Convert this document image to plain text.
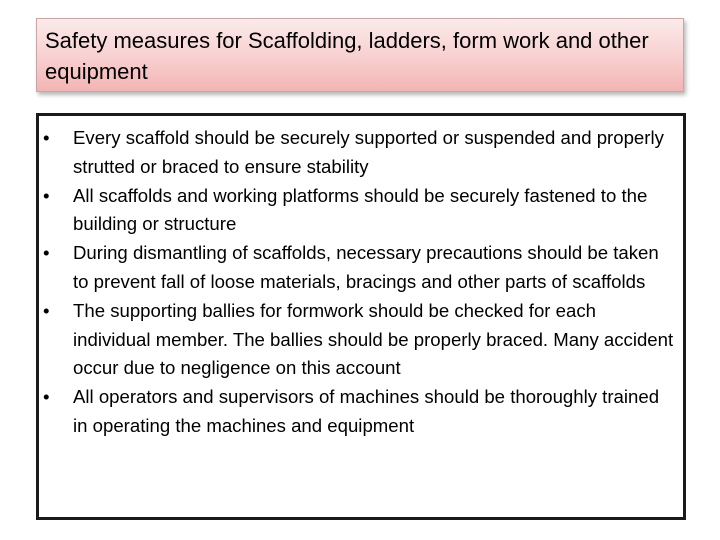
Safety measures for Scaffolding, ladders, form work and other equipment
•	Every scaffold should be securely supported or suspended and properly strutted or braced to ensure stability
•	All scaffolds and working platforms should be securely fastened to the building or structure
•	During dismantling of scaffolds, necessary precautions should be taken to prevent fall of loose materials, bracings and other parts of scaffolds
•	The supporting ballies for formwork should be checked for each individual member. The ballies should be properly braced. Many accident occur due to negligence on this account
•	All operators and supervisors of machines should be thoroughly trained in operating the machines and equipment
